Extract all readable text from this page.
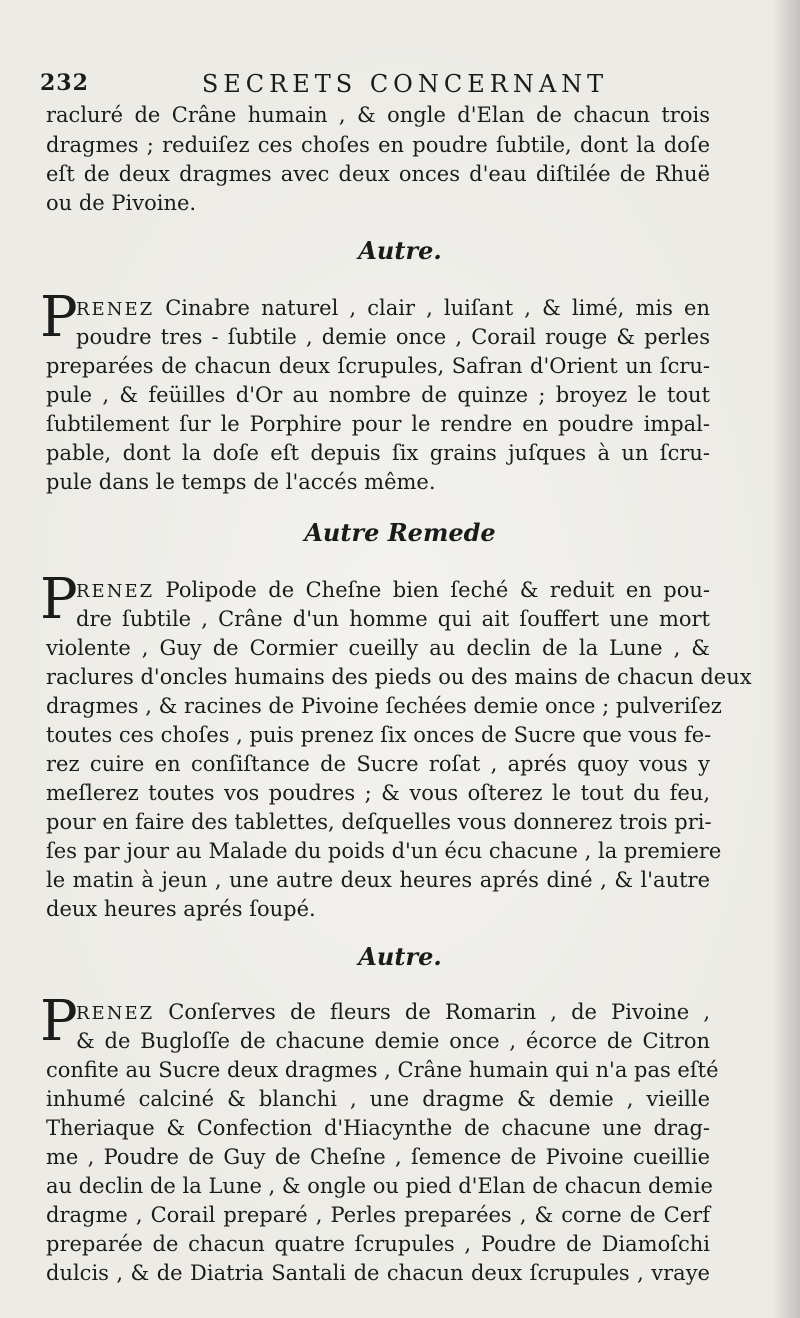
232	SECRETS CONCERNANT
racluré de Crâne humain , & ongle d'Elan de chacun trois
dragmes ; reduiſez ces choſes en poudre ſubtile, dont la doſe
eſt de deux dragmes avec deux onces d'eau diſtilée de Rhuë
ou de Pivoine.
Autre.
P
RENEZ Cinabre naturel , clair , luiſant , & limé, mis en
poudre tres - ſubtile , demie once , Corail rouge & perles
preparées de chacun deux ſcrupules, Safran d'Orient un ſcru-
pule , & feüilles d'Or au nombre de quinze ; broyez le tout
ſubtilement ſur le Porphire pour le rendre en poudre impal-
pable, dont la doſe eſt depuis ſix grains juſques à un ſcru-
pule dans le temps de l'accés même.
Autre Remede
P
RENEZ Polipode de Cheſne bien ſeché & reduit en pou-
dre ſubtile , Crâne d'un homme qui ait ſouffert une mort
violente , Guy de Cormier cueilly au declin de la Lune , &
raclures d'oncles humains des pieds ou des mains de chacun deux
dragmes , & racines de Pivoine ſechées demie once ; pulveriſez
toutes ces choſes , puis prenez ſix onces de Sucre que vous fe-
rez cuire en conſiſtance de Sucre roſat , aprés quoy vous y
meſlerez toutes vos poudres ; & vous oſterez le tout du feu,
pour en faire des tablettes, deſquelles vous donnerez trois pri-
ſes par jour au Malade du poids d'un écu chacune , la premiere
le matin à jeun , une autre deux heures aprés diné , & l'autre
deux heures aprés ſoupé.
Autre.
P
RENEZ Conſerves de fleurs de Romarin , de Pivoine ,
& de Bugloſſe de chacune demie once , écorce de Citron
confite au Sucre deux dragmes , Crâne humain qui n'a pas eſté
inhumé calciné & blanchi , une dragme & demie , vieille
Theriaque & Confection d'Hiacynthe de chacune une drag-
me , Poudre de Guy de Cheſne , ſemence de Pivoine cueillie
au declin de la Lune , & ongle ou pied d'Elan de chacun demie
dragme , Corail preparé , Perles preparées , & corne de Cerf
preparée de chacun quatre ſcrupules , Poudre de Diamoſchi
dulcis , & de Diatria Santali de chacun deux ſcrupules , vraye
